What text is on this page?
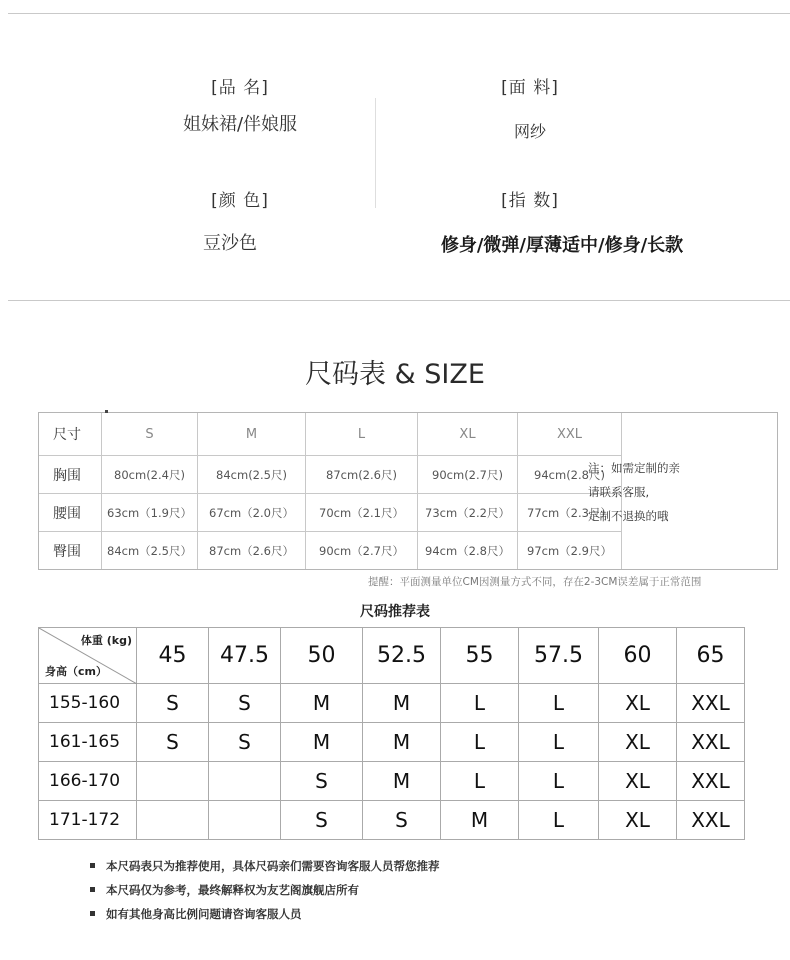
[品 名]
姐妹裙/伴娘服
[面 料]
网纱
[颜 色]
豆沙色
[指 数]
修身/微弹/厚薄适中/修身/长款
尺码表 & SIZE
尺寸	S	M	L	XL	XXL
胸围	80cm(2.4尺)	84cm(2.5尺)	87cm(2.6尺)	90cm(2.7尺)	94cm(2.8尺)
腰围	63cm（1.9尺）	67cm（2.0尺）	70cm（2.1尺）	73cm（2.2尺）	77cm（2.3尺）
臀围	84cm（2.5尺）	87cm（2.6尺）	90cm（2.7尺）	94cm（2.8尺）	97cm（2.9尺）
注：如需定制的亲
请联系客服,
定制不退换的哦
提醒：平面测量单位CM因测量方式不同，存在2-3CM误差属于正常范围
尺码推荐表
体重 (kg)
身高（cm）	45	47.5	50	52.5	55	57.5	60	65
155-160	S	S	M	M	L	L	XL	XXL
161-165	S	S	M	M	L	L	XL	XXL
166-170			S	M	L	L	XL	XXL
171-172			S	S	M	L	XL	XXL
本尺码表只为推荐使用，具体尺码亲们需要咨询客服人员帮您推荐
本尺码仅为参考，最终解释权为友艺阁旗舰店所有
如有其他身高比例问题请咨询客服人员
